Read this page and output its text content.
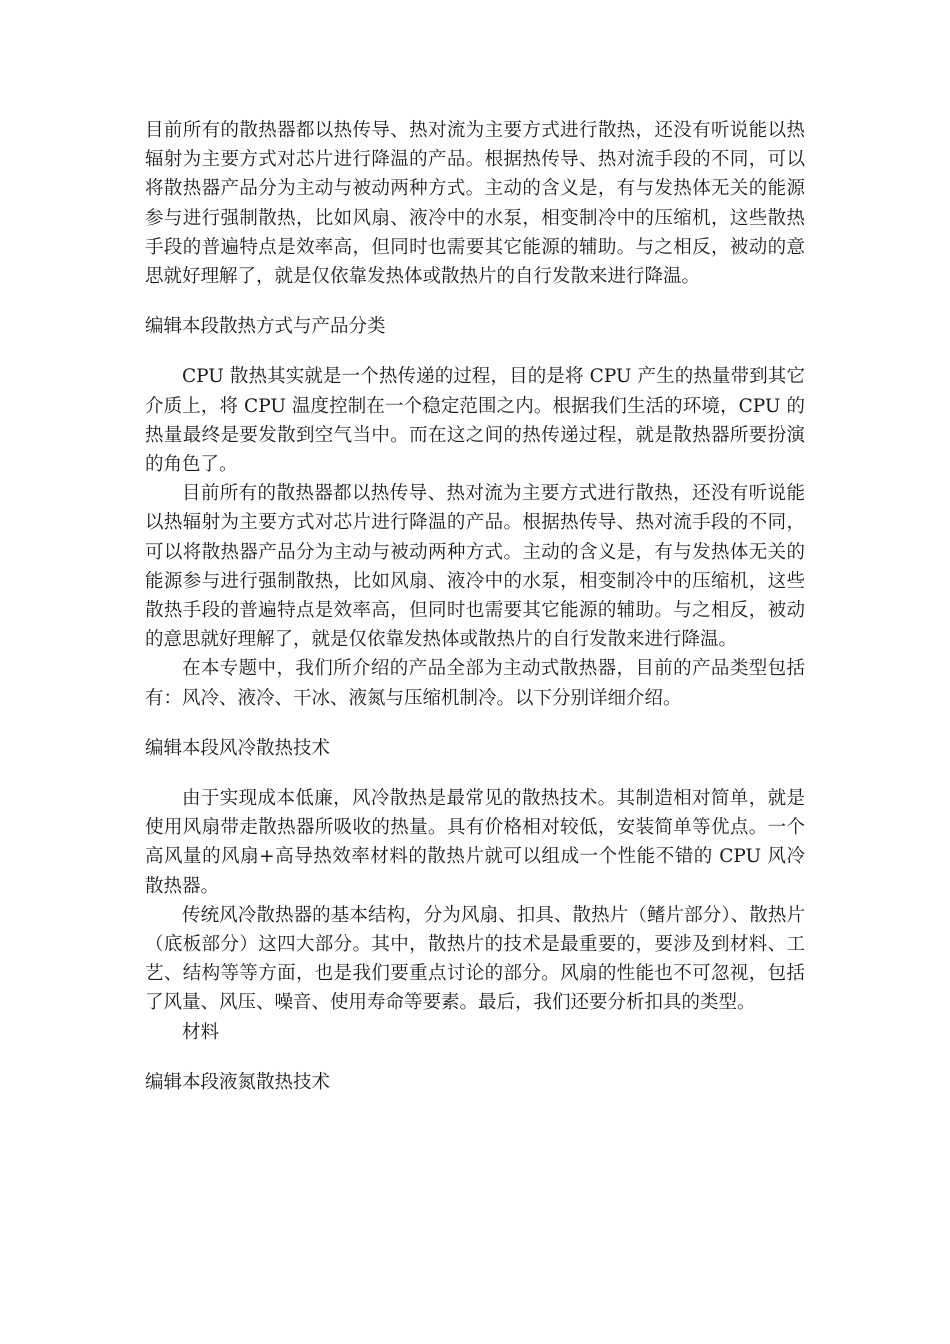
目前所有的散热器都以热传导、热对流为主要方式进行散热，还没有听说能以热辐射为主要方式对芯片进行降温的产品。根据热传导、热对流手段的不同，可以将散热器产品分为主动与被动两种方式。主动的含义是，有与发热体无关的能源参与进行强制散热，比如风扇、液冷中的水泵，相变制冷中的压缩机，这些散热手段的普遍特点是效率高，但同时也需要其它能源的辅助。与之相反，被动的意思就好理解了，就是仅依靠发热体或散热片的自行发散来进行降温。

编辑本段散热方式与产品分类

CPU 散热其实就是一个热传递的过程，目的是将 CPU 产生的热量带到其它介质上，将 CPU 温度控制在一个稳定范围之内。根据我们生活的环境，CPU 的热量最终是要发散到空气当中。而在这之间的热传递过程，就是散热器所要扮演的角色了。

目前所有的散热器都以热传导、热对流为主要方式进行散热，还没有听说能以热辐射为主要方式对芯片进行降温的产品。根据热传导、热对流手段的不同，可以将散热器产品分为主动与被动两种方式。主动的含义是，有与发热体无关的能源参与进行强制散热，比如风扇、液冷中的水泵，相变制冷中的压缩机，这些散热手段的普遍特点是效率高，但同时也需要其它能源的辅助。与之相反，被动的意思就好理解了，就是仅依靠发热体或散热片的自行发散来进行降温。

在本专题中，我们所介绍的产品全部为主动式散热器，目前的产品类型包括有：风冷、液冷、干冰、液氮与压缩机制冷。以下分别详细介绍。

编辑本段风冷散热技术

由于实现成本低廉，风冷散热是最常见的散热技术。其制造相对简单，就是使用风扇带走散热器所吸收的热量。具有价格相对较低，安装简单等优点。一个高风量的风扇+高导热效率材料的散热片就可以组成一个性能不错的 CPU 风冷散热器。

传统风冷散热器的基本结构，分为风扇、扣具、散热片（鳍片部分）、散热片（底板部分）这四大部分。其中，散热片的技术是最重要的，要涉及到材料、工艺、结构等等方面，也是我们要重点讨论的部分。风扇的性能也不可忽视，包括了风量、风压、噪音、使用寿命等要素。最后，我们还要分析扣具的类型。

材料

编辑本段液氮散热技术
